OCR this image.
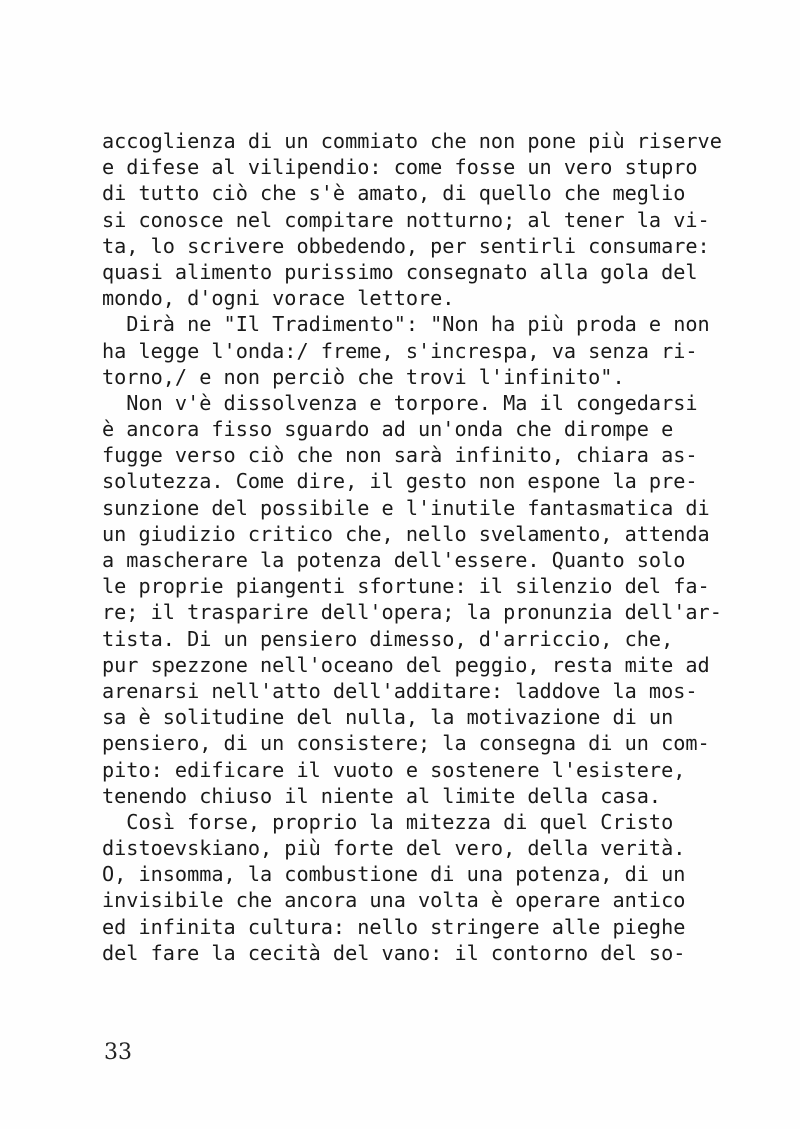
accoglienza di un commiato che non pone più riserve
e difese al vilipendio: come fosse un vero stupro
di tutto ciò che s'è amato, di quello che meglio
si conosce nel compitare notturno; al tener la vi-
ta, lo scrivere obbedendo, per sentirli consumare:
quasi alimento purissimo consegnato alla gola del
mondo, d'ogni vorace lettore.
Dirà ne "Il Tradimento": "Non ha più proda e non
ha legge l'onda:/ freme, s'increspa, va senza ri-
torno,/ e non perciò che trovi l'infinito".
Non v'è dissolvenza e torpore. Ma il congedarsi
è ancora fisso sguardo ad un'onda che dirompe e
fugge verso ciò che non sarà infinito, chiara as-
solutezza. Come dire, il gesto non espone la pre-
sunzione del possibile e l'inutile fantasmatica di
un giudizio critico che, nello svelamento, attenda
a mascherare la potenza dell'essere. Quanto solo
le proprie piangenti sfortune: il silenzio del fa-
re; il trasparire dell'opera; la pronunzia dell'ar-
tista. Di un pensiero dimesso, d'arriccio, che,
pur spezzone nell'oceano del peggio, resta mite ad
arenarsi nell'atto dell'additare: laddove la mos-
sa è solitudine del nulla, la motivazione di un
pensiero, di un consistere; la consegna di un com-
pito: edificare il vuoto e sostenere l'esistere,
tenendo chiuso il niente al limite della casa.
Così forse, proprio la mitezza di quel Cristo
distoevskiano, più forte del vero, della verità.
O, insomma, la combustione di una potenza, di un
invisibile che ancora una volta è operare antico
ed infinita cultura: nello stringere alle pieghe
del fare la cecità del vano: il contorno del so-
33
